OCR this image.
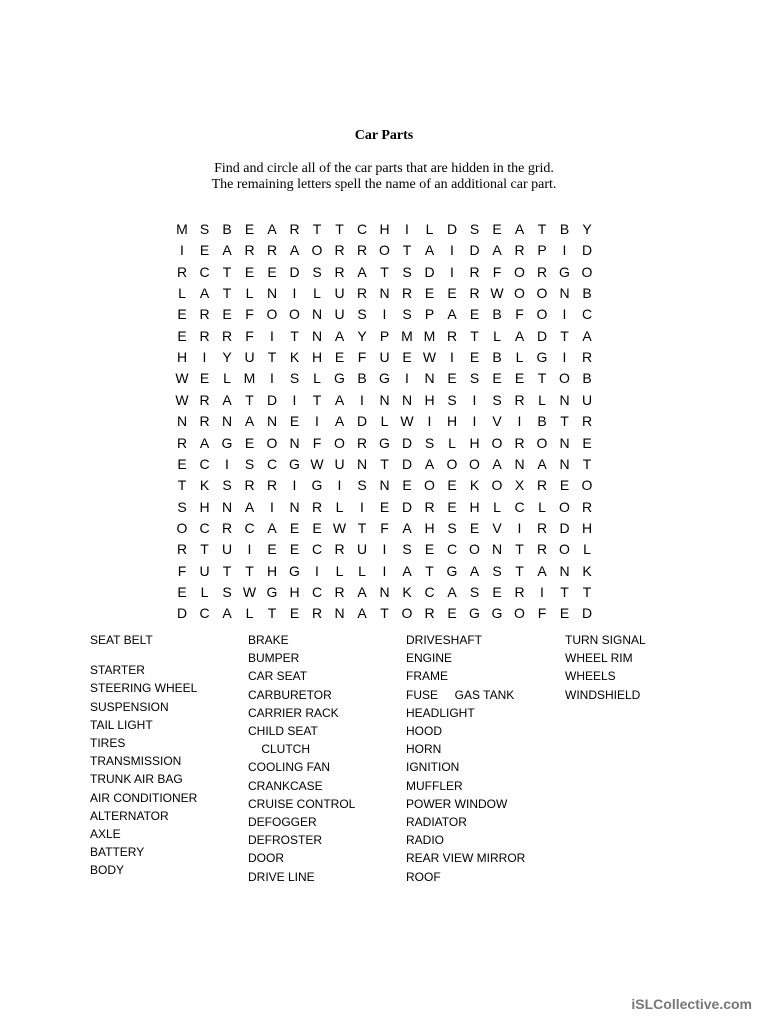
Car Parts
Find and circle all of the car parts that are hidden in the grid.
The remaining letters spell the name of an additional car part.
M S B E A R T T C H	I	L D S E A T B Y
I	E A R R A O R R O T A	I	D A R P	I	D
R C T E E D S R A T S D	I	R F O R G O
L A T	L N	I	L U R N R E E R W O O N B
E R E F O O N U S	I	S P A E B F O	I	C
E R R F	I	T N A Y P M M R T	L A D T A
H	I	Y U T K H E F U E W I	E B L G	I	R
W E L M	I	S L G B G	I	N E S E E T O B
W R A T D	I	T A	I	N N H S	I	S R L N U
N R N A N E	I	A D L W I	H	I	V	I	B T R
R A G E O N F O R G D S L H O R O N E
E C	I	S C G W U N T D A O O A N A N T
T K S R R	I	G	I	S N E O E K O X R E O
S H N A	I	N R L	I	E D R E H L C L O R
O C R C A E E W T F A H S E V	I	R D H
R T U	I	E E C R U	I	S E C O N T R O L
F U T T H G	I	L	L	I	A T G A S T A N K
E L S W G H C R A N K C A S E R	I	T T
D C A L	T E R N A T O R E G G O F E D
SEAT BELT
STARTER
STEERING WHEEL
SUSPENSION
TAIL LIGHT
TIRES
TRANSMISSION
TRUNK AIR BAG
AIR CONDITIONER
ALTERNATOR
AXLE
BATTERY
BODY
BRAKE
BUMPER
CAR SEAT
CARBURETOR
CARRIER RACK
CHILD SEAT
CLUTCH
COOLING FAN
CRANKCASE
CRUISE CONTROL
DEFOGGER
DEFROSTER
DOOR
DRIVE LINE
DRIVESHAFT
ENGINE
FRAME
FUSE     GAS TANK
HEADLIGHT
HOOD
HORN
IGNITION
MUFFLER
POWER WINDOW
RADIATOR
RADIO
REAR VIEW MIRROR
ROOF
TURN SIGNAL
WHEEL RIM
WHEELS
WINDSHIELD
iSLCollective.com
